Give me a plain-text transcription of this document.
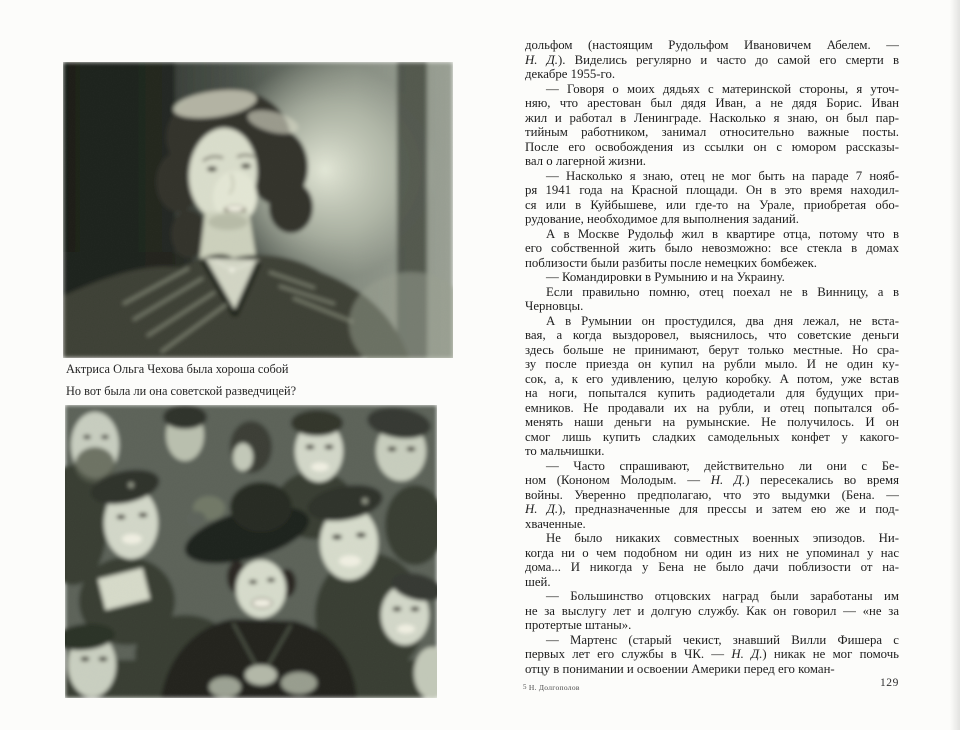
Актриса Ольга Чехова была хороша собой
Но вот была ли она советской разведчицей?
дольфом (настоящим Рудольфом Ивановичем Абелем. —
Н. Д.). Виделись регулярно и часто до самой его смерти в
декабре 1955-го.
— Говоря о моих дядьях с материнской стороны, я уточ-
няю, что арестован был дядя Иван, а не дядя Борис. Иван
жил и работал в Ленинграде. Насколько я знаю, он был пар-
тийным работником, занимал относительно важные посты.
После его освобождения из ссылки он с юмором рассказы-
вал о лагерной жизни.
— Насколько я знаю, отец не мог быть на параде 7 нояб-
ря 1941 года на Красной площади. Он в это время находил-
ся или в Куйбышеве, или где-то на Урале, приобретая обо-
рудование, необходимое для выполнения заданий.
А в Москве Рудольф жил в квартире отца, потому что в
его собственной жить было невозможно: все стекла в домах
поблизости были разбиты после немецких бомбежек.
— Командировки в Румынию и на Украину.
Если правильно помню, отец поехал не в Винницу, а в
Черновцы.
А в Румынии он простудился, два дня лежал, не вста-
вая, а когда выздоровел, выяснилось, что советские деньги
здесь больше не принимают, берут только местные. Но сра-
зу после приезда он купил на рубли мыло. И не один ку-
сок, а, к его удивлению, целую коробку. А потом, уже встав
на ноги, попытался купить радиодетали для будущих при-
емников. Не продавали их на рубли, и отец попытался об-
менять наши деньги на румынские. Не получилось. И он
смог лишь купить сладких самодельных конфет у какого-
то мальчишки.
— Часто спрашивают, действительно ли они с Бе-
ном (Кононом Молодым. — Н. Д.) пересекались во время
войны. Уверенно предполагаю, что это выдумки (Бена. —
Н. Д.), предназначенные для прессы и затем ею же и под-
хваченные.
Не было никаких совместных военных эпизодов. Ни-
когда ни о чем подобном ни один из них не упоминал у нас
дома... И никогда у Бена не было дачи поблизости от на-
шей.
— Большинство отцовских наград были заработаны им
не за выслугу лет и долгую службу. Как он говорил — «не за
протертые штаны».
— Мартенс (старый чекист, знавший Вилли Фишера с
первых лет его службы в ЧК. — Н. Д.) никак не мог помочь
отцу в понимании и освоении Америки перед его коман-
5 Н. Долгополов	129
